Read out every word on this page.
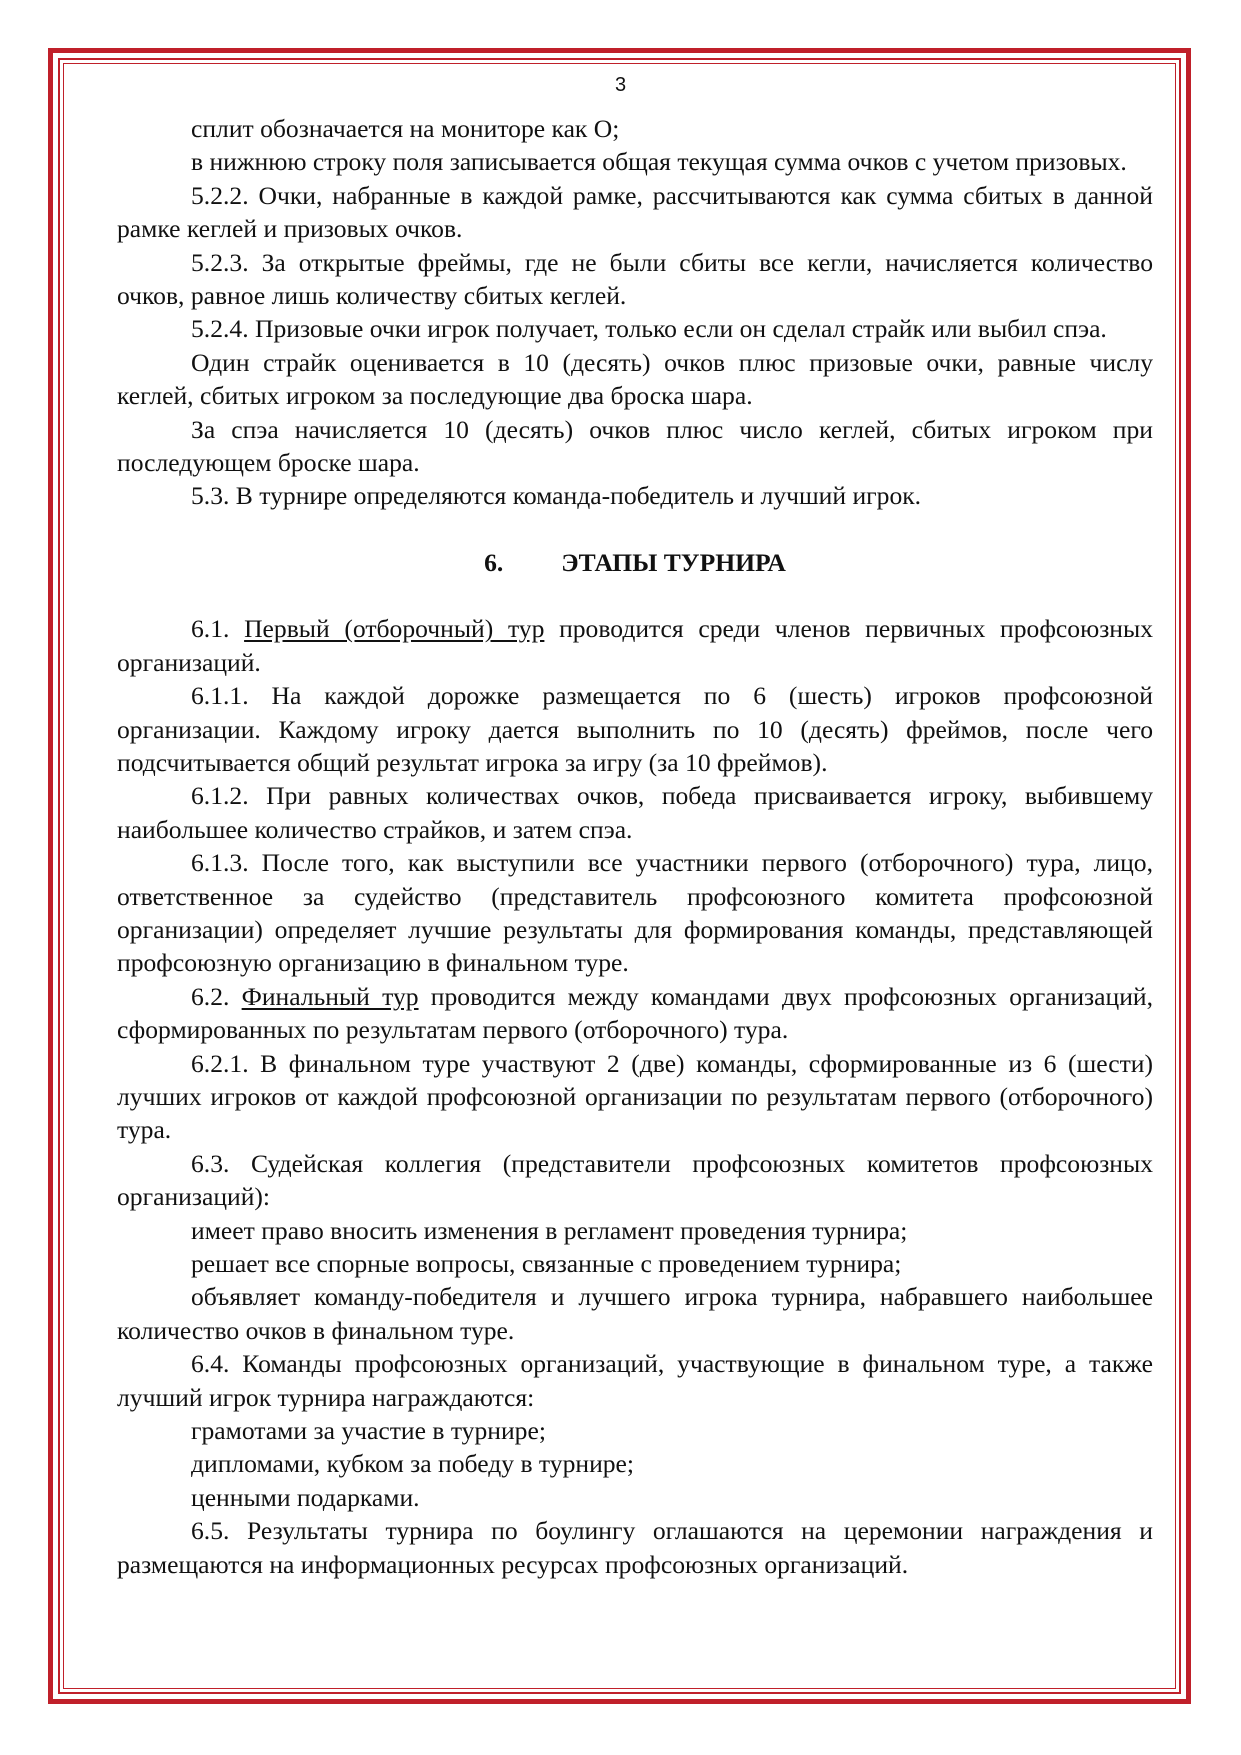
3

сплит обозначается на мониторе как O;

в нижнюю строку поля записывается общая текущая сумма очков с учетом призовых.

5.2.2. Очки, набранные в каждой рамке, рассчитываются как сумма сбитых в данной рамке кеглей и призовых очков.

5.2.3. За открытые фреймы, где не были сбиты все кегли, начисляется количество очков, равное лишь количеству сбитых кеглей.

5.2.4. Призовые очки игрок получает, только если он сделал страйк или выбил спэа.

Один страйк оценивается в 10 (десять) очков плюс призовые очки, равные числу кеглей, сбитых игроком за последующие два броска шара.

За спэа начисляется 10 (десять) очков плюс число кеглей, сбитых игроком при последующем броске шара.

5.3. В турнире определяются команда-победитель и лучший игрок.

6. ЭТАПЫ ТУРНИРА

6.1. Первый (отборочный) тур проводится среди членов первичных профсоюзных организаций.

6.1.1. На каждой дорожке размещается по 6 (шесть) игроков профсоюзной организации. Каждому игроку дается выполнить по 10 (десять) фреймов, после чего подсчитывается общий результат игрока за игру (за 10 фреймов).

6.1.2. При равных количествах очков, победа присваивается игроку, выбившему наибольшее количество страйков, и затем спэа.

6.1.3. После того, как выступили все участники первого (отборочного) тура, лицо, ответственное за судейство (представитель профсоюзного комитета профсоюзной организации) определяет лучшие результаты для формирования команды, представляющей профсоюзную организацию в финальном туре.

6.2. Финальный тур проводится между командами двух профсоюзных организаций, сформированных по результатам первого (отборочного) тура.

6.2.1. В финальном туре участвуют 2 (две) команды, сформированные из 6 (шести) лучших игроков от каждой профсоюзной организации по результатам первого (отборочного) тура.

6.3. Судейская коллегия (представители профсоюзных комитетов профсоюзных организаций):

имеет право вносить изменения в регламент проведения турнира;

решает все спорные вопросы, связанные с проведением турнира;

объявляет команду-победителя и лучшего игрока турнира, набравшего наибольшее количество очков в финальном туре.

6.4. Команды профсоюзных организаций, участвующие в финальном туре, а также лучший игрок турнира награждаются:

грамотами за участие в турнире;

дипломами, кубком за победу в турнире;

ценными подарками.

6.5. Результаты турнира по боулингу оглашаются на церемонии награждения и размещаются на информационных ресурсах профсоюзных организаций.
